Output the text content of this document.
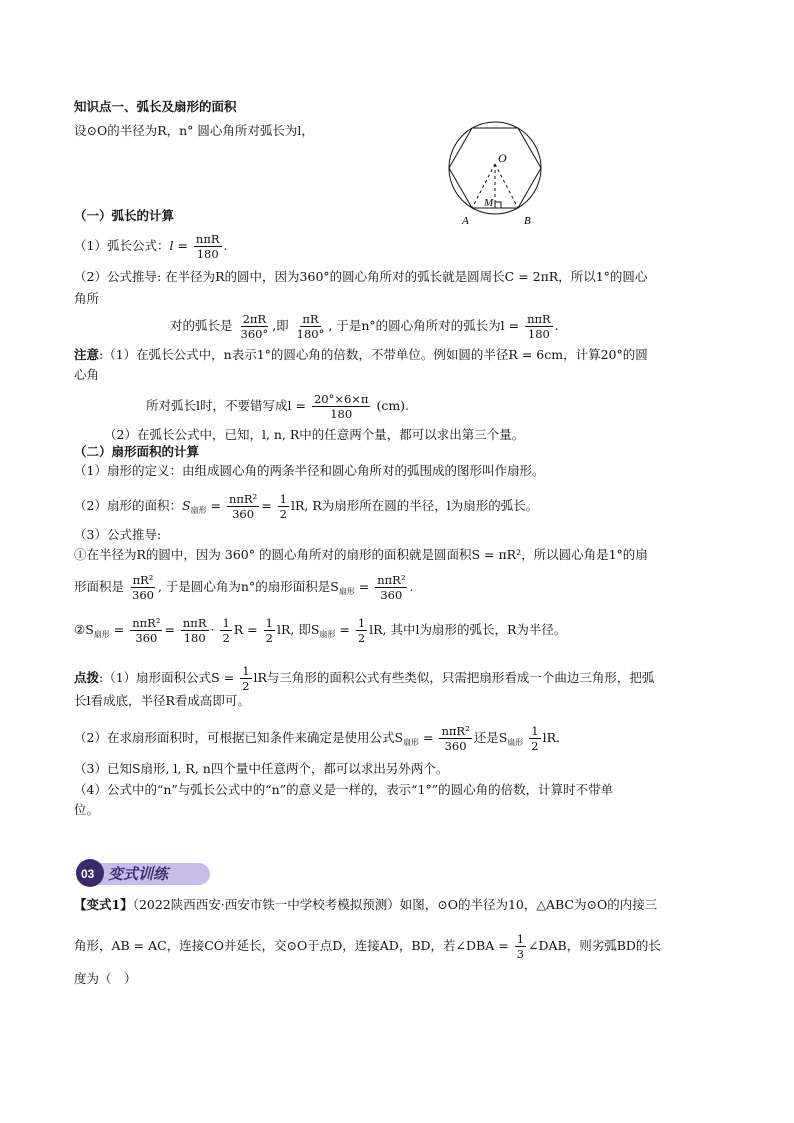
知识点一、弧长及扇形的面积
设⊙O的半径为R，n° 圆心角所对弧长为l，
O
M
A	B
（一）弧长的计算
（1）弧长公式：$l = \frac{\text{nπR}}{180}$ .
（2）公式推导: 在半径为R的圆中，因为360°的圆心角所对的弧长就是圆周长C = 2πR，所以1°的圆心
角所
对的弧长是 $\frac{2\pi R}{360^\circ}$ ,即 $\frac{\pi R}{180^\circ}$ , 于是n°的圆心角所对的弧长为$l = \frac{\text{nπR}}{180}$ .
注意:（1）在弧长公式中，n表示1°的圆心角的倍数，不带单位。例如圆的半径R = 6cm，计算20°的圆
心角
所对弧长l时，不要错写成$l = \frac{20^\circ\times 6\times\pi}{180} (cm)$.
（2）在弧长公式中，已知，l, n, R中的任意两个量，都可以求出第三个量。
（二）扇形面积的计算
（1）扇形的定义：由组成圆心角的两条半径和圆心角所对的弧围成的图形叫作扇形。
（2）扇形的面积：$S_{扇形} = \frac{\text{nπR²}}{360} = \frac{1}{2}$ lR, R为扇形所在圆的半径，l为扇形的弧长。
（3）公式推导:
①在半径为R的圆中，因为 360° 的圆心角所对的扇形的面积就是圆面积S = πR²，所以圆心角是1°的扇
形面积是 $\frac{\text{πR²}}{360}$ , 于是圆心角为n°的扇形面积是$S_{扇形} = \frac{\text{nπR²}}{360}$ .
$②S_{扇形} = \frac{\text{nπR²}}{360} = \frac{\text{nπR}}{180} \cdot \frac{1}{2}$ $R = \frac{1}{2}$ lR, 即$S_{扇形} = \frac{1}{2}$ lR, 其中l为扇形的弧长，R为半径。
点拨:（1）扇形面积公式$S = \frac{1}{2}$ lR与三角形的面积公式有些类似，只需把扇形看成一个曲边三角形，把弧
长l看成底，半径R看成高即可。
（2）在求扇形面积时，可根据已知条件来确定是使用公式$S_{扇形} = \frac{\text{nπR²}}{360}$ 还是$S_{扇形} \frac{1}{2}$ lR.
（3）已知S扇形, l, R, n四个量中任意两个，都可以求出另外两个。
（4）公式中的“n”与弧长公式中的“n”的意义是一样的，表示“1°”的圆心角的倍数，计算时不带单
位。
03 变式训练
【变式1】（2022陕西西安·西安市铁一中学校考模拟预测）如图，⊙O的半径为10，△ABC为⊙O的内接三
角形，AB = AC，连接CO并延长，交⊙O于点D，连接AD，BD，若∠DBA = $\frac{1}{3}$ ∠DAB，则劣弧BD的长
度为（　）
